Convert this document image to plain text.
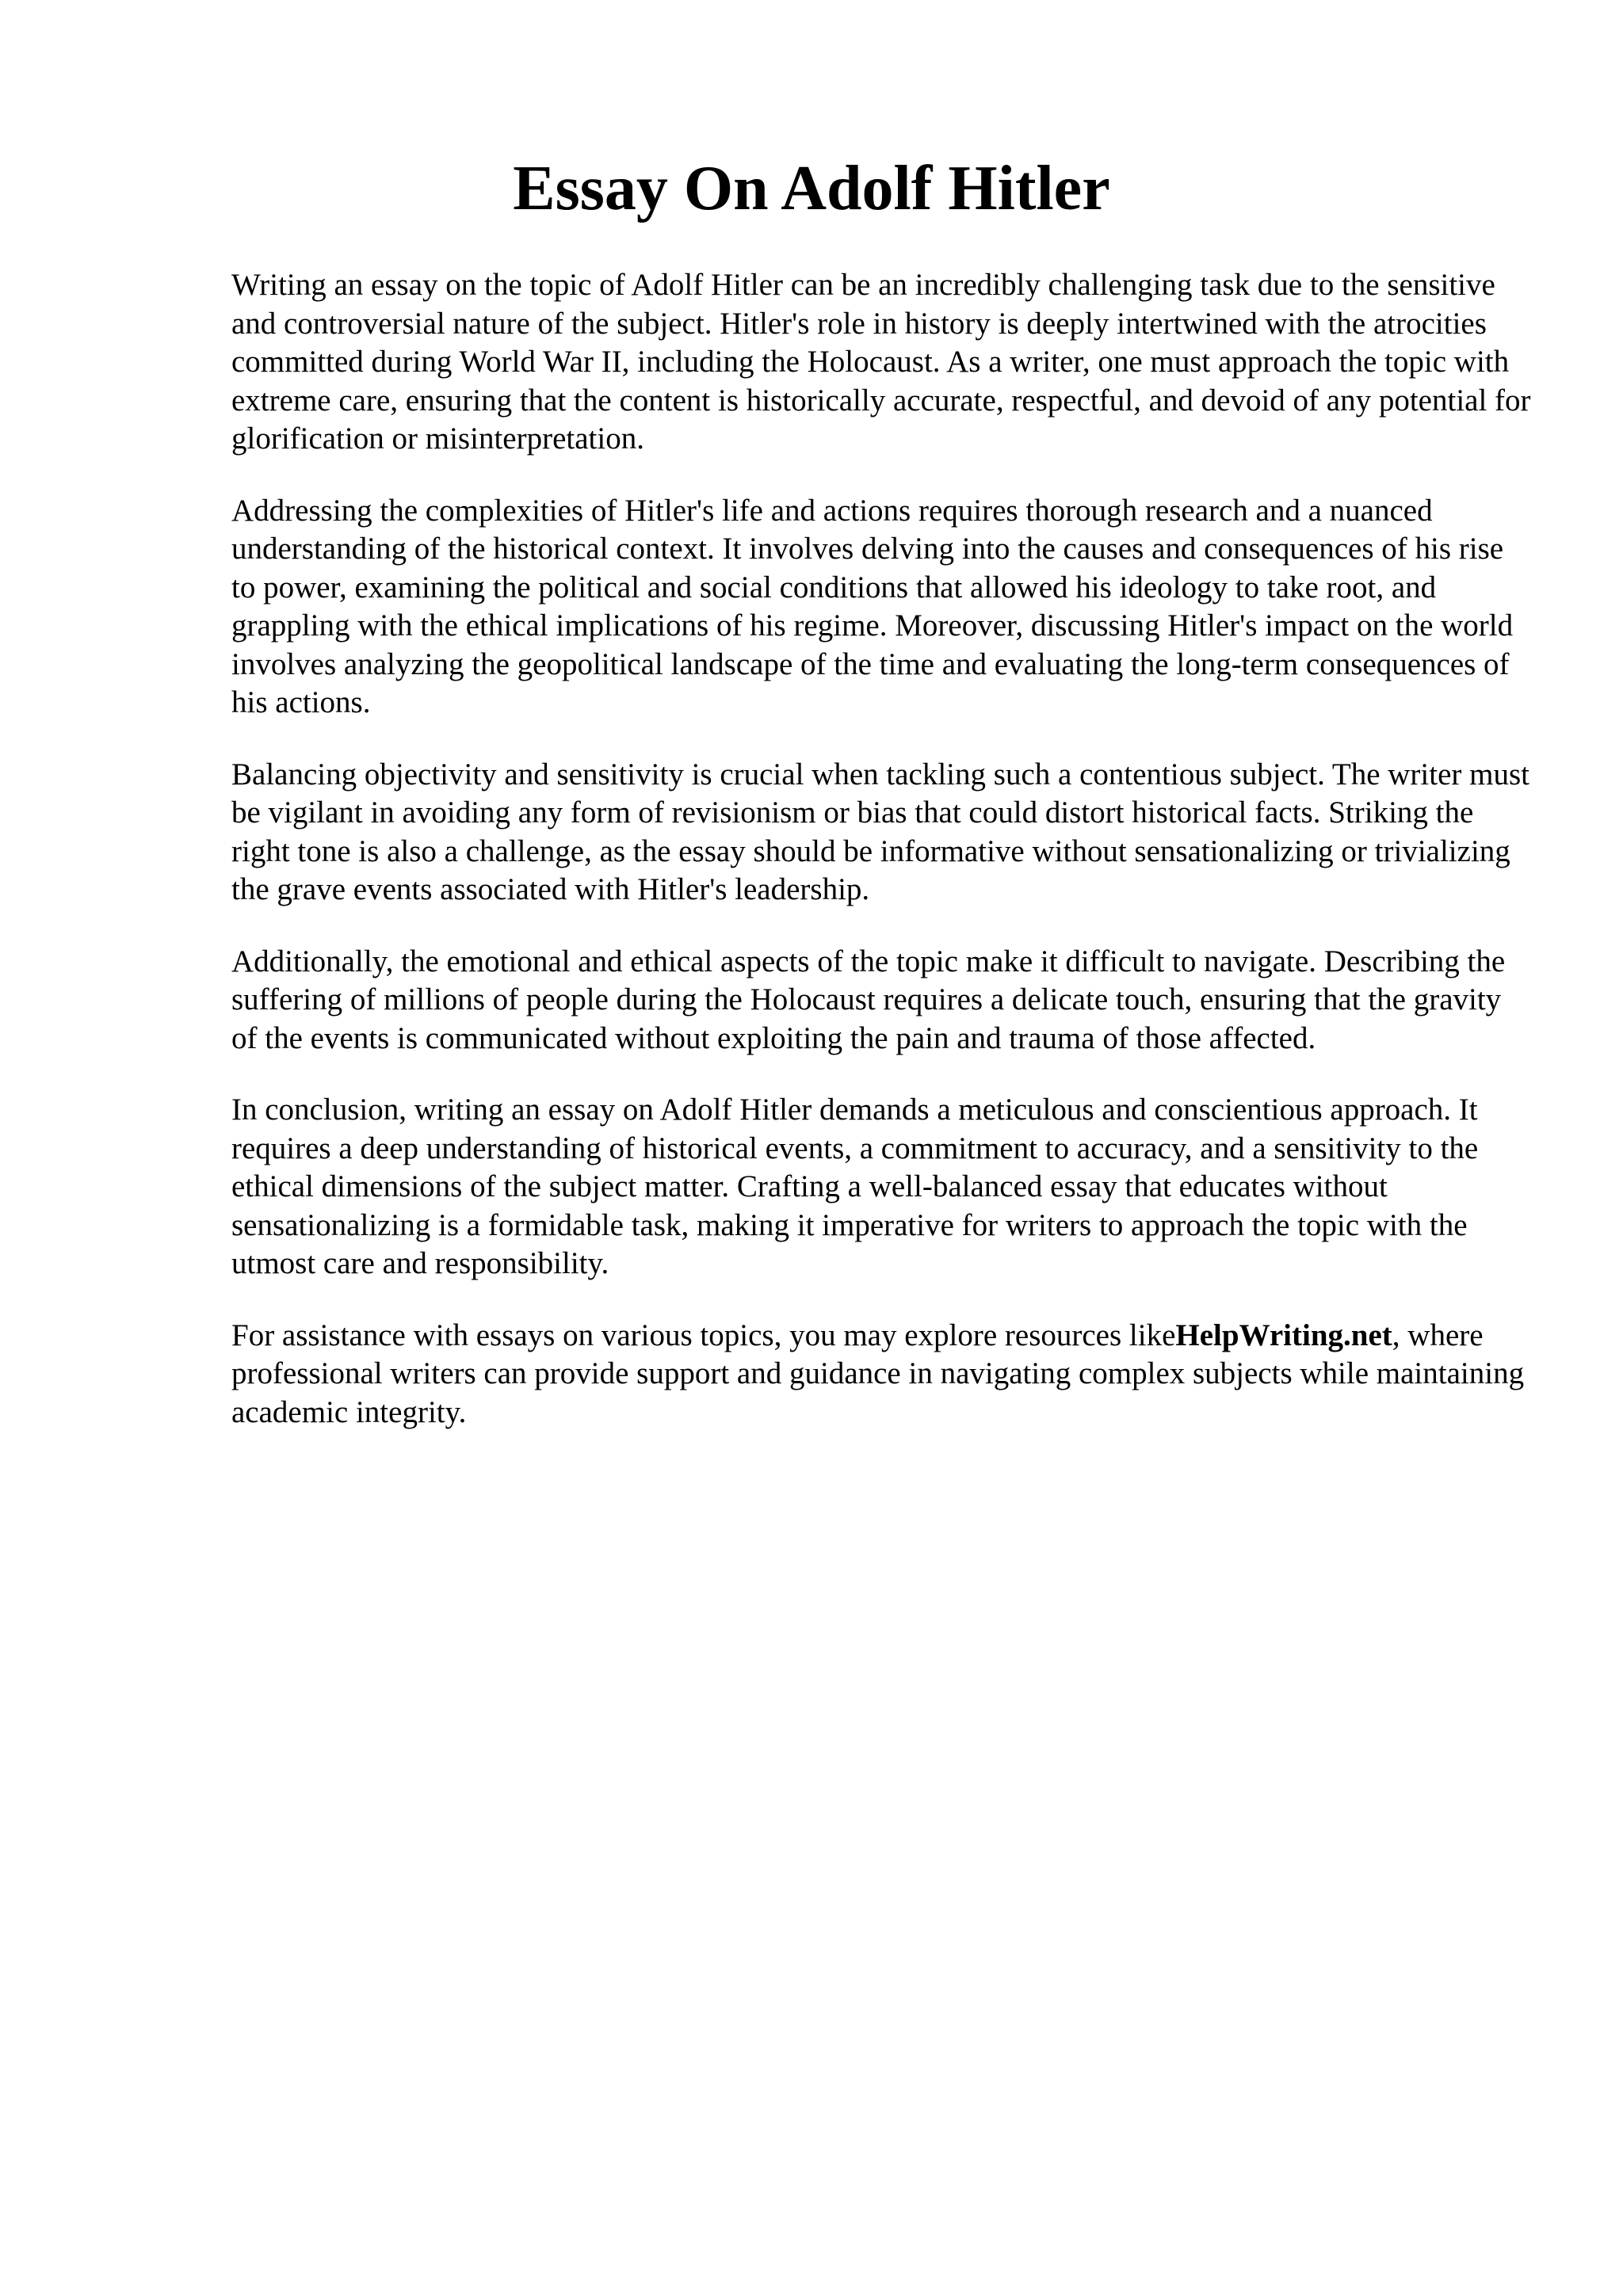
Essay On Adolf Hitler

Writing an essay on the topic of Adolf Hitler can be an incredibly challenging task due to the sensitive and controversial nature of the subject. Hitler's role in history is deeply intertwined with the atrocities committed during World War II, including the Holocaust. As a writer, one must approach the topic with extreme care, ensuring that the content is historically accurate, respectful, and devoid of any potential for glorification or misinterpretation.

Addressing the complexities of Hitler's life and actions requires thorough research and a nuanced understanding of the historical context. It involves delving into the causes and consequences of his rise to power, examining the political and social conditions that allowed his ideology to take root, and grappling with the ethical implications of his regime. Moreover, discussing Hitler's impact on the world involves analyzing the geopolitical landscape of the time and evaluating the long-term consequences of his actions.

Balancing objectivity and sensitivity is crucial when tackling such a contentious subject. The writer must be vigilant in avoiding any form of revisionism or bias that could distort historical facts. Striking the right tone is also a challenge, as the essay should be informative without sensationalizing or trivializing the grave events associated with Hitler's leadership.

Additionally, the emotional and ethical aspects of the topic make it difficult to navigate. Describing the suffering of millions of people during the Holocaust requires a delicate touch, ensuring that the gravity of the events is communicated without exploiting the pain and trauma of those affected.

In conclusion, writing an essay on Adolf Hitler demands a meticulous and conscientious approach. It requires a deep understanding of historical events, a commitment to accuracy, and a sensitivity to the ethical dimensions of the subject matter. Crafting a well-balanced essay that educates without sensationalizing is a formidable task, making it imperative for writers to approach the topic with the utmost care and responsibility.

For assistance with essays on various topics, you may explore resources likeHelpWriting.net, where professional writers can provide support and guidance in navigating complex subjects while maintaining academic integrity.
